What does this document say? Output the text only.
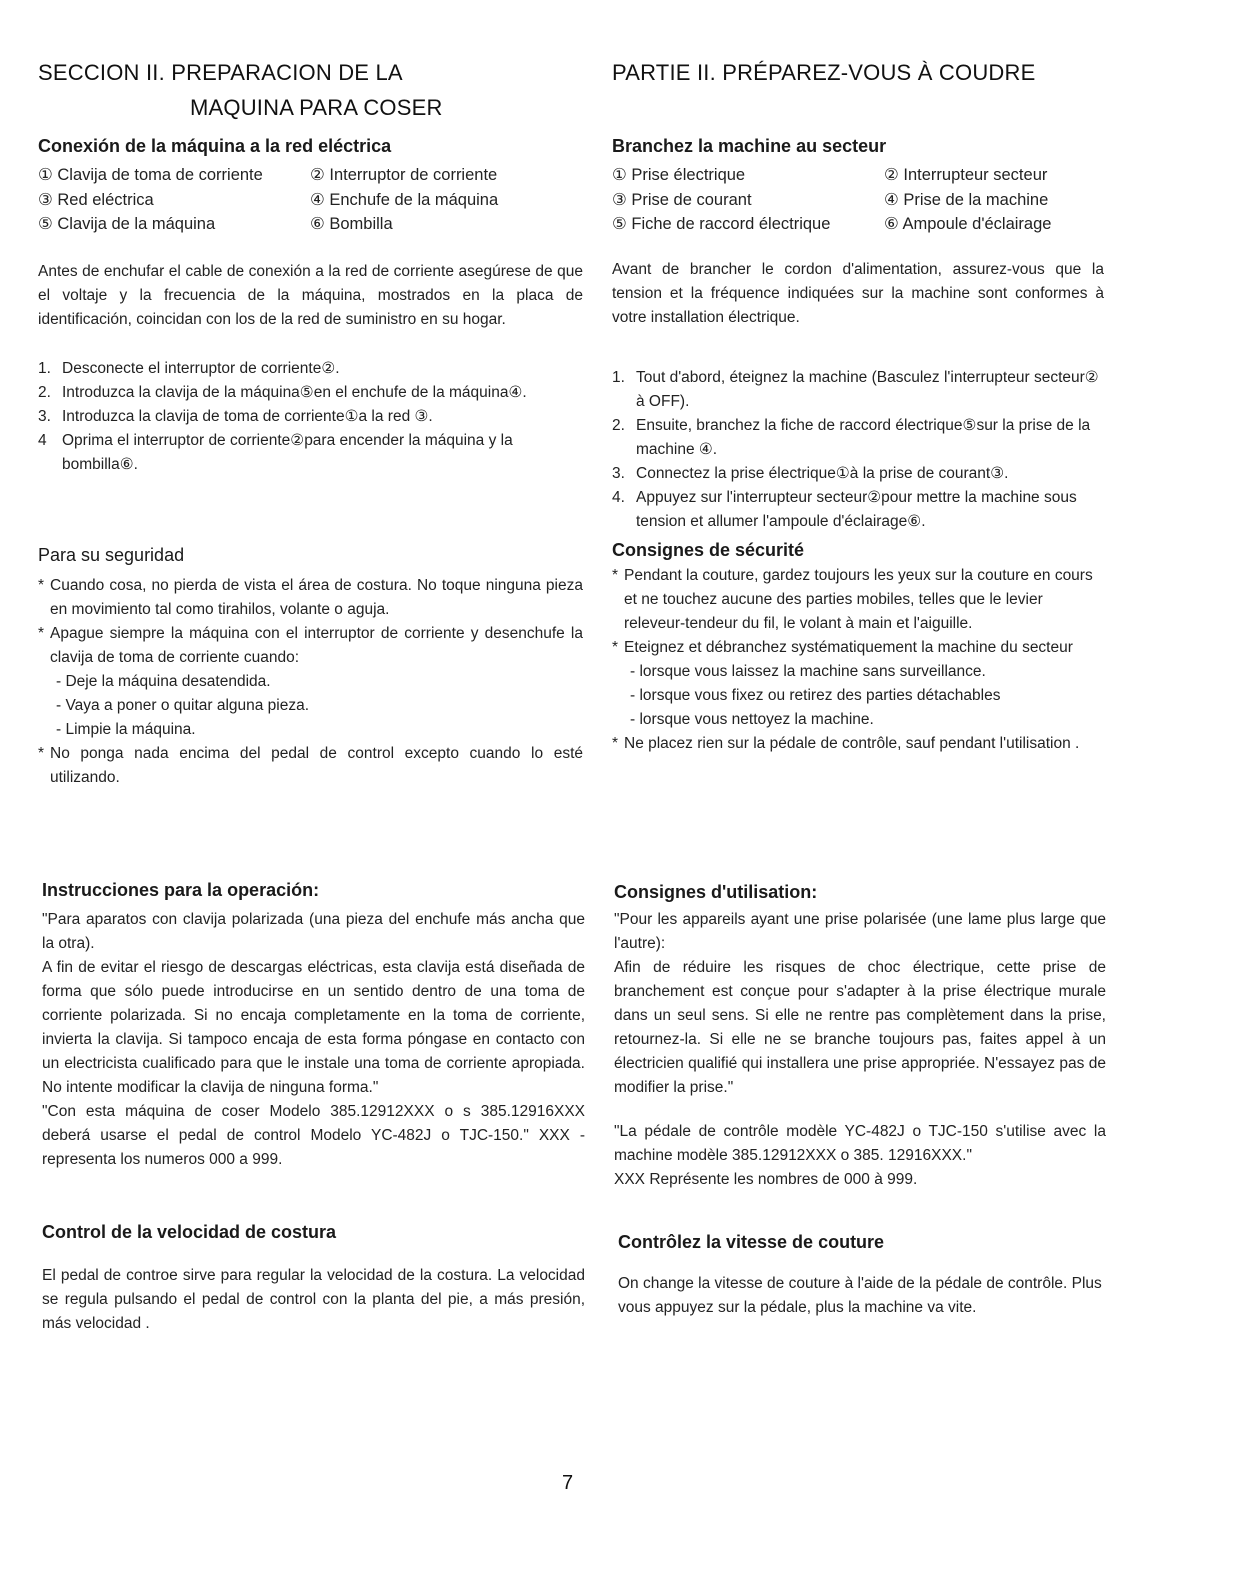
SECCION II. PREPARACION DE LA
MAQUINA PARA COSER
Conexión de la máquina a la red eléctrica
① Clavija de toma de corriente	② Interruptor de corriente
③ Red eléctrica	④ Enchufe de la máquina
⑤ Clavija de la máquina	⑥ Bombilla

Antes de enchufar el cable de conexión a la red de corriente asegúrese de que el voltaje y la frecuencia de la máquina, mostrados en la placa de identificación, coincidan con los de la red de suministro en su hogar.

1. Desconecte el interruptor de corriente②.
2. Introduzca la clavija de la máquina⑤en el enchufe de la máquina④.
3. Introduzca la clavija de toma de corriente①a la red ③.
4 Oprima el interruptor de corriente②para encender la máquina y la bombilla⑥.
Para su seguridad
* Cuando cosa, no pierda de vista el área de costura. No toque ninguna pieza en movimiento tal como tirahilos, volante o aguja.
* Apague siempre la máquina con el interruptor de corriente y desenchufe la clavija de toma de corriente cuando:
- Deje la máquina desatendida.
- Vaya a poner o quitar alguna pieza.
- Limpie la máquina.
* No ponga nada encima del pedal de control excepto cuando lo esté utilizando.
Instrucciones para la operación:

"Para aparatos con clavija polarizada (una pieza del enchufe más ancha que la otra).

A fin de evitar el riesgo de descargas eléctricas, esta clavija está diseñada de forma que sólo puede introducirse en un sentido dentro de una toma de corriente polarizada. Si no encaja completamente en la toma de corriente, invierta la clavija. Si tampoco encaja de esta forma póngase en contacto con un electricista cualificado para que le instale una toma de corriente apropiada. No intente modificar la clavija de ninguna forma."

"Con esta máquina de coser Modelo 385.12912XXX o s 385.12916XXX deberá usarse el pedal de control Modelo YC-482J o TJC-150." XXX - representa los numeros 000 a 999.

Control de la velocidad de costura

El pedal de controe sirve para regular la velocidad de la costura. La velocidad se regula pulsando el pedal de control con la planta del pie, a más presión, más velocidad .

PARTIE II. PRÉPAREZ-VOUS À COUDRE
Branchez la machine au secteur
① Prise électrique	② Interrupteur secteur
③ Prise de courant	④ Prise de la machine
⑤ Fiche de raccord électrique	⑥ Ampoule d'éclairage

Avant de brancher le cordon d'alimentation, assurez-vous que la tension et la fréquence indiquées sur la machine sont conformes à votre installation électrique.

1. Tout d'abord, éteignez la machine (Basculez l'interrupteur secteur② à OFF).
2. Ensuite, branchez la fiche de raccord électrique⑤sur la prise de la machine ④.
3. Connectez la prise électrique①à la prise de courant③.
4. Appuyez sur l'interrupteur secteur②pour mettre la machine sous tension et allumer l'ampoule d'éclairage⑥.
Consignes de sécurité
* Pendant la couture, gardez toujours les yeux sur la couture en cours et ne touchez aucune des parties mobiles, telles que le levier releveur-tendeur du fil, le volant à main et l'aiguille.
* Eteignez et débranchez systématiquement la machine du secteur
- lorsque vous laissez la machine sans surveillance.
- lorsque vous fixez ou retirez des parties détachables
- lorsque vous nettoyez la machine.
* Ne placez rien sur la pédale de contrôle, sauf pendant l'utilisation .
Consignes d'utilisation:

"Pour les appareils ayant une prise polarisée (une lame plus large que l'autre):

Afin de réduire les risques de choc électrique, cette prise de branchement est conçue pour s'adapter à la prise électrique murale dans un seul sens. Si elle ne rentre pas complètement dans la prise, retournez-la. Si elle ne se branche toujours pas, faites appel à un électricien qualifié qui installera une prise appropriée. N'essayez pas de modifier la prise."

"La pédale de contrôle modèle YC-482J o TJC-150 s'utilise avec la machine modèle 385.12912XXX o 385. 12916XXX."

XXX Représente les nombres de 000 à 999.

Contrôlez la vitesse de couture

On change la vitesse de couture à l'aide de la pédale de contrôle. Plus vous appuyez sur la pédale, plus la machine va vite.

7
